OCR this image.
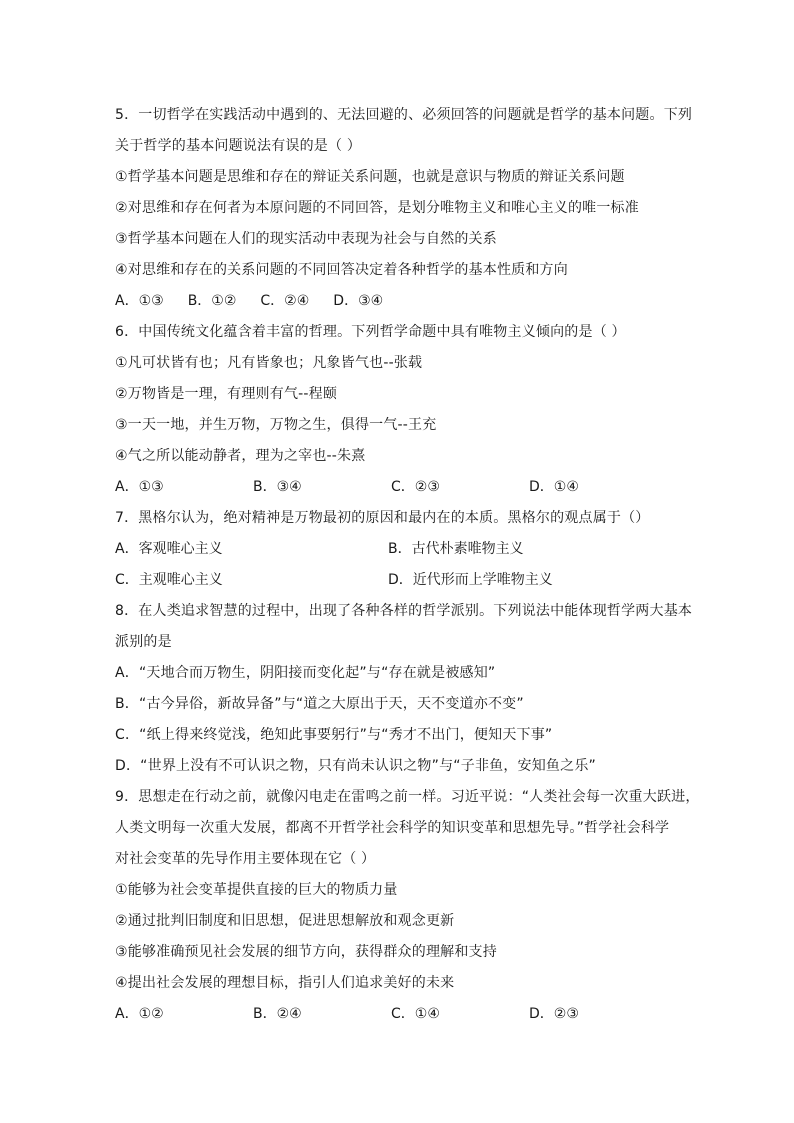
5．一切哲学在实践活动中遇到的、无法回避的、必须回答的问题就是哲学的基本问题。下列
关于哲学的基本问题说法有误的是（ ）
①哲学基本问题是思维和存在的辩证关系问题，也就是意识与物质的辩证关系问题
②对思维和存在何者为本原问题的不同回答，是划分唯物主义和唯心主义的唯一标准
③哲学基本问题在人们的现实活动中表现为社会与自然的关系
④对思维和存在的关系问题的不同回答决定着各种哲学的基本性质和方向
A．①③ B．①② C．②④ D．③④
6．中国传统文化蕴含着丰富的哲理。下列哲学命题中具有唯物主义倾向的是（ ）
①凡可状皆有也；凡有皆象也；凡象皆气也--张载
②万物皆是一理，有理则有气--程颐
③一天一地，并生万物，万物之生，俱得一气--王充
④气之所以能动静者，理为之宰也--朱熹
A．①③	B．③④	C．②③	D．①④
7．黑格尔认为，绝对精神是万物最初的原因和最内在的本质。黑格尔的观点属于（）
A．客观唯心主义	B．古代朴素唯物主义
C．主观唯心主义	D．近代形而上学唯物主义
8．在人类追求智慧的过程中，出现了各种各样的哲学派别。下列说法中能体现哲学两大基本
派别的是
A．“天地合而万物生，阴阳接而变化起”与“存在就是被感知”
B．“古今异俗，新故异备”与“道之大原出于天，天不变道亦不变”
C．“纸上得来终觉浅，绝知此事要躬行”与“秀才不出门，便知天下事”
D．“世界上没有不可认识之物，只有尚未认识之物”与“子非鱼，安知鱼之乐”
9．思想走在行动之前，就像闪电走在雷鸣之前一样。习近平说：“人类社会每一次重大跃进，
人类文明每一次重大发展，都离不开哲学社会科学的知识变革和思想先导。”哲学社会科学
对社会变革的先导作用主要体现在它（ ）
①能够为社会变革提供直接的巨大的物质力量
②通过批判旧制度和旧思想，促进思想解放和观念更新
③能够准确预见社会发展的细节方向，获得群众的理解和支持
④提出社会发展的理想目标，指引人们追求美好的未来
A．①②	B．②④	C．①④	D．②③
